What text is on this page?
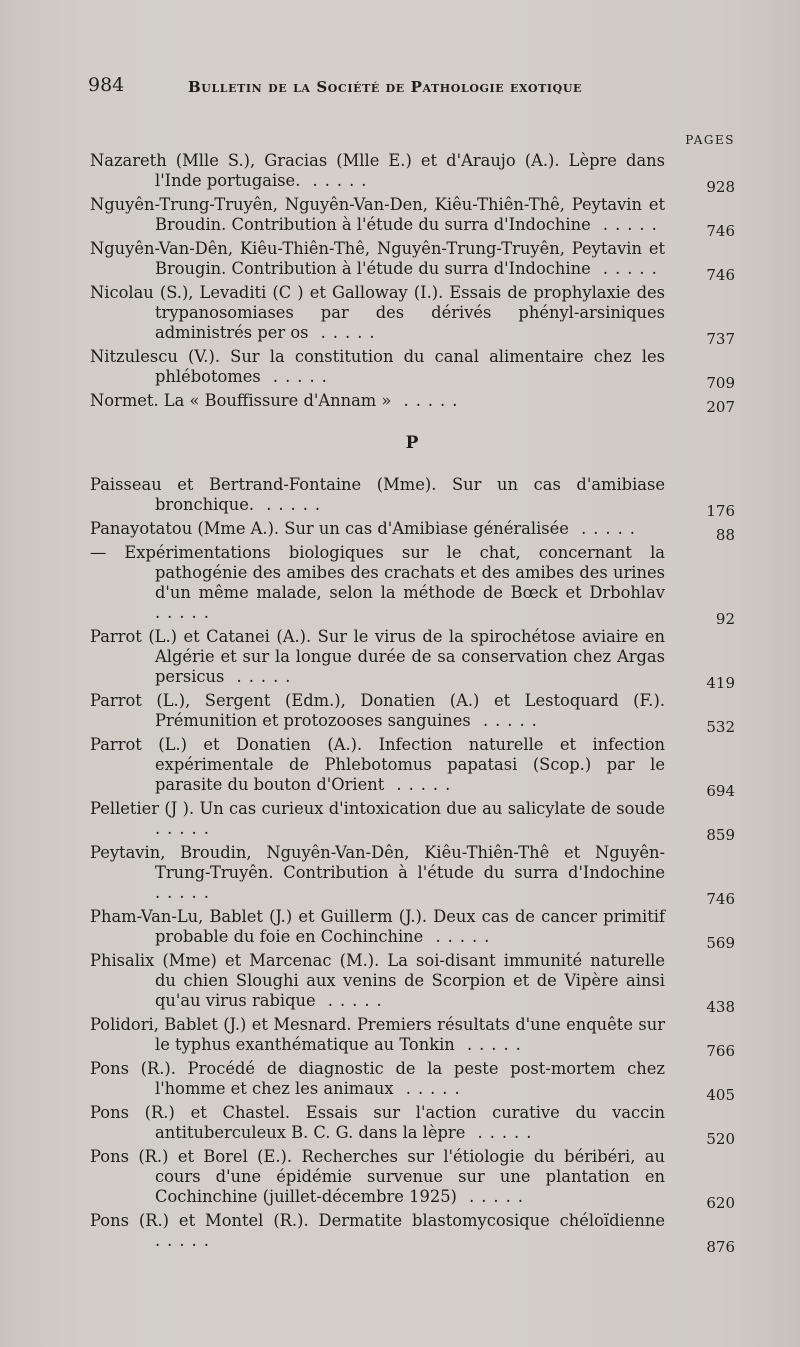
984	Bulletin de la Société de Pathologie exotique
PAGES
Nazareth (Mlle S.), Gracias (Mlle E.) et d'Araujo (A.). Lèpre dans l'Inde portugaise. .....	928
Nguyên-Trung-Truyên, Nguyên-Van-Den, Kiêu-Thiên-Thê, Peytavin et Broudin. Contribution à l'étude du surra d'Indochine .....	746
Nguyên-Van-Dên, Kiêu-Thiên-Thê, Nguyên-Trung-Truyên, Peytavin et Brougin. Contribution à l'étude du surra d'Indochine .....	746
Nicolau (S.), Levaditi (C ) et Galloway (I.). Essais de prophylaxie des trypanosomiases par des dérivés phényl-arsiniques administrés per os .....	737
Nitzulescu (V.). Sur la constitution du canal alimentaire chez les phlébotomes .....	709
Normet. La « Bouffissure d'Annam » .....	207
P
Paisseau et Bertrand-Fontaine (Mme). Sur un cas d'amibiase bronchique. .....	176
Panayotatou (Mme A.). Sur un cas d'Amibiase généralisée .....	88
— Expérimentations biologiques sur le chat, concernant la pathogénie des amibes des crachats et des amibes des urines d'un même malade, selon la méthode de Bœck et Drbohlav .....	92
Parrot (L.) et Catanei (A.). Sur le virus de la spirochétose aviaire en Algérie et sur la longue durée de sa conservation chez Argas persicus .....	419
Parrot (L.), Sergent (Edm.), Donatien (A.) et Lestoquard (F.). Prémunition et protozooses sanguines .....	532
Parrot (L.) et Donatien (A.). Infection naturelle et infection expérimentale de Phlebotomus papatasi (Scop.) par le parasite du bouton d'Orient .....	694
Pelletier (J ). Un cas curieux d'intoxication due au salicylate de soude .....	859
Peytavin, Broudin, Nguyên-Van-Dên, Kiêu-Thiên-Thê et Nguyên-Trung-Truyên. Contribution à l'étude du surra d'Indochine .....	746
Pham-Van-Lu, Bablet (J.) et Guillerm (J.). Deux cas de cancer primitif probable du foie en Cochinchine .....	569
Phisalix (Mme) et Marcenac (M.). La soi-disant immunité naturelle du chien Sloughi aux venins de Scorpion et de Vipère ainsi qu'au virus rabique .....	438
Polidori, Bablet (J.) et Mesnard. Premiers résultats d'une enquête sur le typhus exanthématique au Tonkin .....	766
Pons (R.). Procédé de diagnostic de la peste post-mortem chez l'homme et chez les animaux .....	405
Pons (R.) et Chastel. Essais sur l'action curative du vaccin antituberculeux B. C. G. dans la lèpre .....	520
Pons (R.) et Borel (E.). Recherches sur l'étiologie du béribéri, au cours d'une épidémie survenue sur une plantation en Cochinchine (juillet-décembre 1925) .....	620
Pons (R.) et Montel (R.). Dermatite blastomycosique chéloïdienne .....	876
